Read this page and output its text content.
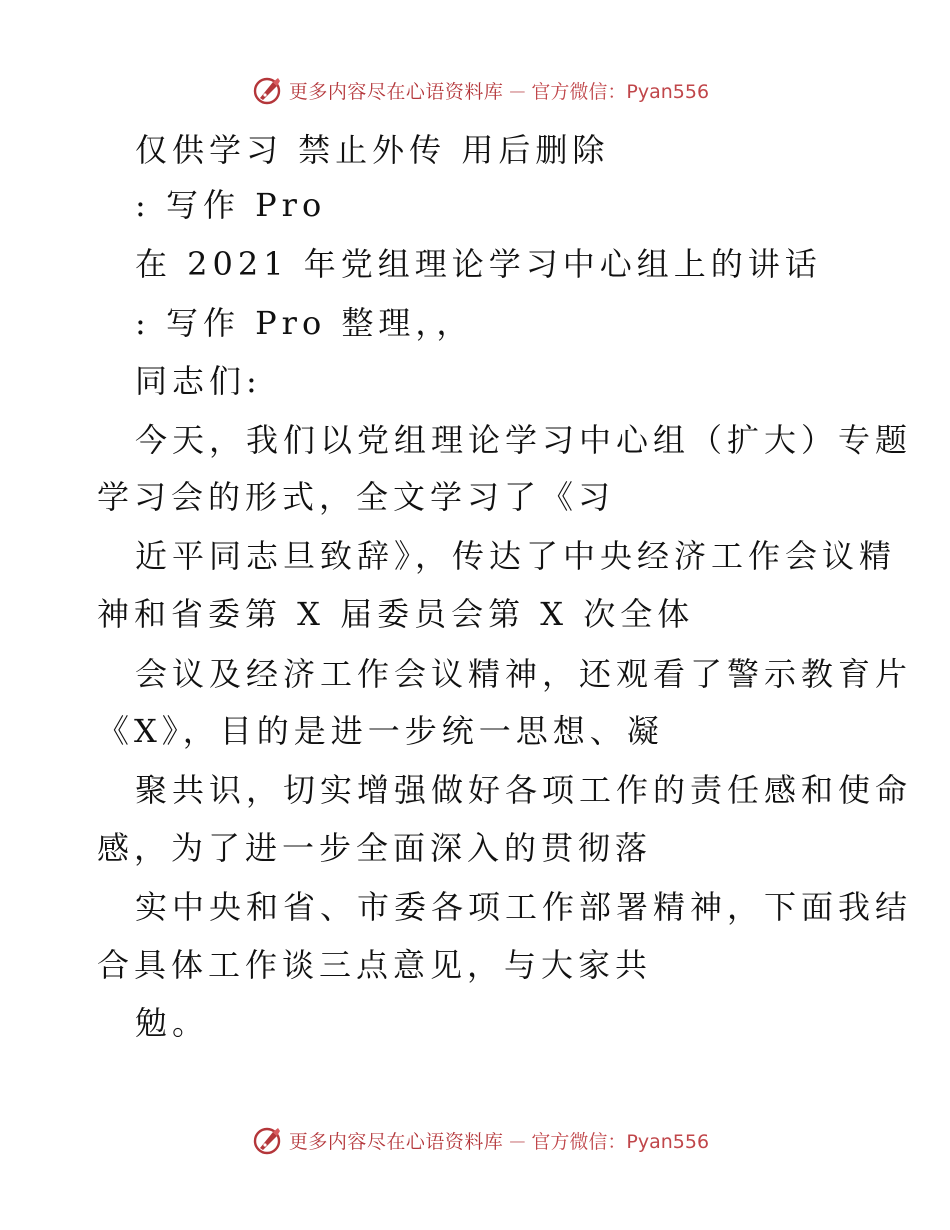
更多内容尽在心语资料库 — 官方微信：Pyan556
仅供学习 禁止外传 用后删除
: 写作 Pro
在 2021 年党组理论学习中心组上的讲话
: 写作 Pro 整理，，
同志们:
今天，我们以党组理论学习中心组（扩大）专题
学习会的形式，全文学习了《习
近平同志旦致辞》，传达了中央经济工作会议精
神和省委第 X 届委员会第 X 次全体
会议及经济工作会议精神，还观看了警示教育片
《X》，目的是进一步统一思想、凝
聚共识，切实增强做好各项工作的责任感和使命
感，为了进一步全面深入的贯彻落
实中央和省、市委各项工作部署精神，下面我结
合具体工作谈三点意见，与大家共
勉。
更多内容尽在心语资料库 — 官方微信：Pyan556
